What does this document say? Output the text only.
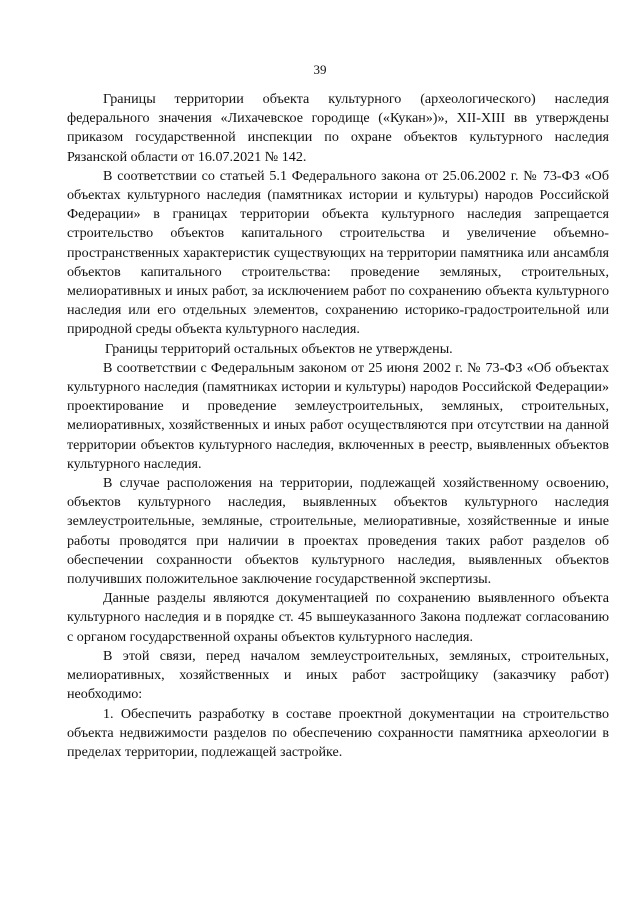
39

Границы территории объекта культурного (археологического) наследия федерального значения «Лихачевское городище («Кукан»)», XII-XIII вв утверждены приказом государственной инспекции по охране объектов культурного наследия Рязанской области от 16.07.2021 № 142.

В соответствии со статьей 5.1 Федерального закона от 25.06.2002 г. № 73-ФЗ «Об объектах культурного наследия (памятниках истории и культуры) народов Российской Федерации» в границах территории объекта культурного наследия запрещается строительство объектов капитального строительства и увеличение объемно-пространственных характеристик существующих на территории памятника или ансамбля объектов капитального строительства: проведение земляных, строительных, мелиоративных и иных работ, за исключением работ по сохранению объекта культурного наследия или его отдельных элементов, сохранению историко-градостроительной или природной среды объекта культурного наследия.

Границы территорий остальных объектов не утверждены.

В соответствии с Федеральным законом от 25 июня 2002 г. № 73-ФЗ «Об объектах культурного наследия (памятниках истории и культуры) народов Российской Федерации» проектирование и проведение землеустроительных, земляных, строительных, мелиоративных, хозяйственных и иных работ осуществляются при отсутствии на данной территории объектов культурного наследия, включенных в реестр, выявленных объектов культурного наследия.

В случае расположения на территории, подлежащей хозяйственному освоению, объектов культурного наследия, выявленных объектов культурного наследия землеустроительные, земляные, строительные, мелиоративные, хозяйственные и иные работы проводятся при наличии в проектах проведения таких работ разделов об обеспечении сохранности объектов культурного наследия, выявленных объектов получивших положительное заключение государственной экспертизы.

Данные разделы являются документацией по сохранению выявленного объекта культурного наследия и в порядке ст. 45 вышеуказанного Закона подлежат согласованию с органом государственной охраны объектов культурного наследия.

В этой связи, перед началом землеустроительных, земляных, строительных, мелиоративных, хозяйственных и иных работ застройщику (заказчику работ) необходимо:

1. Обеспечить разработку в составе проектной документации на строительство объекта недвижимости разделов по обеспечению сохранности памятника археологии в пределах территории, подлежащей застройке.
